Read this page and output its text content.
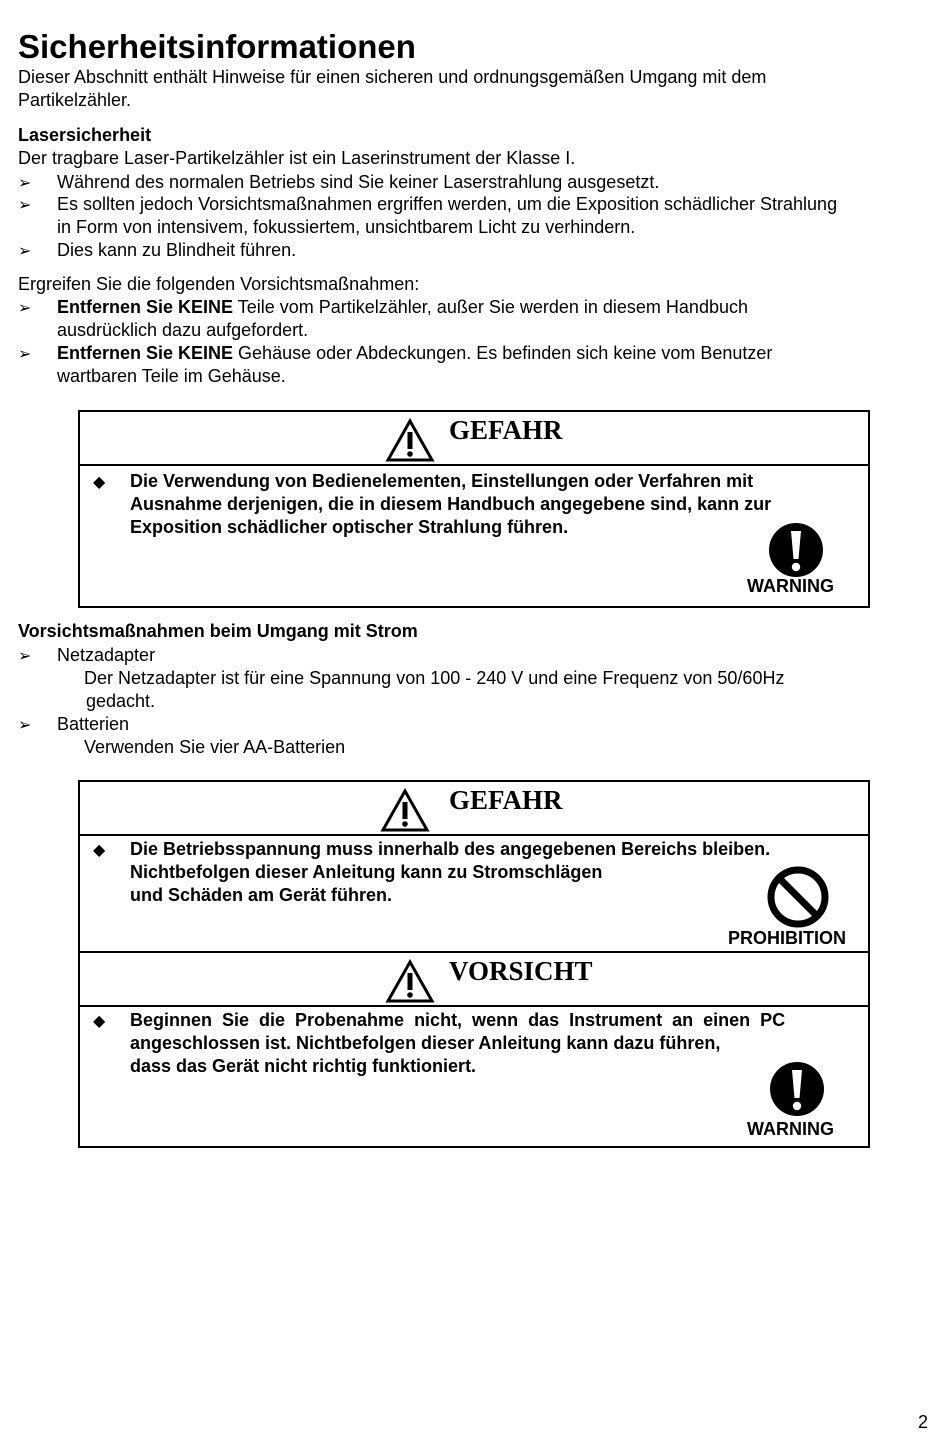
Sicherheitsinformationen
Dieser Abschnitt enthält Hinweise für einen sicheren und ordnungsgemäßen Umgang mit dem
Partikelzähler.
Lasersicherheit
Der tragbare Laser-Partikelzähler ist ein Laserinstrument der Klasse I.
➢ Während des normalen Betriebs sind Sie keiner Laserstrahlung ausgesetzt.
➢ Es sollten jedoch Vorsichtsmaßnahmen ergriffen werden, um die Exposition schädlicher Strahlung
in Form von intensivem, fokussiertem, unsichtbarem Licht zu verhindern.
➢ Dies kann zu Blindheit führen.
Ergreifen Sie die folgenden Vorsichtsmaßnahmen:
➢ Entfernen Sie KEINE Teile vom Partikelzähler, außer Sie werden in diesem Handbuch
ausdrücklich dazu aufgefordert.
➢ Entfernen Sie KEINE Gehäuse oder Abdeckungen. Es befinden sich keine vom Benutzer
wartbaren Teile im Gehäuse.
GEFAHR
◆ Die Verwendung von Bedienelementen, Einstellungen oder Verfahren mit
Ausnahme derjenigen, die in diesem Handbuch angegebene sind, kann zur
Exposition schädlicher optischer Strahlung führen.
WARNING
Vorsichtsmaßnahmen beim Umgang mit Strom
➢ Netzadapter
Der Netzadapter ist für eine Spannung von 100 - 240 V und eine Frequenz von 50/60Hz
gedacht.
➢ Batterien
Verwenden Sie vier AA-Batterien
GEFAHR
◆ Die Betriebsspannung muss innerhalb des angegebenen Bereichs bleiben.
Nichtbefolgen dieser Anleitung kann zu Stromschlägen
und Schäden am Gerät führen.
PROHIBITION
VORSICHT
◆ Beginnen  Sie  die  Probenahme  nicht,  wenn  das  Instrument  an  einen  PC
angeschlossen ist. Nichtbefolgen dieser Anleitung kann dazu führen,
dass das Gerät nicht richtig funktioniert.
WARNING
2
